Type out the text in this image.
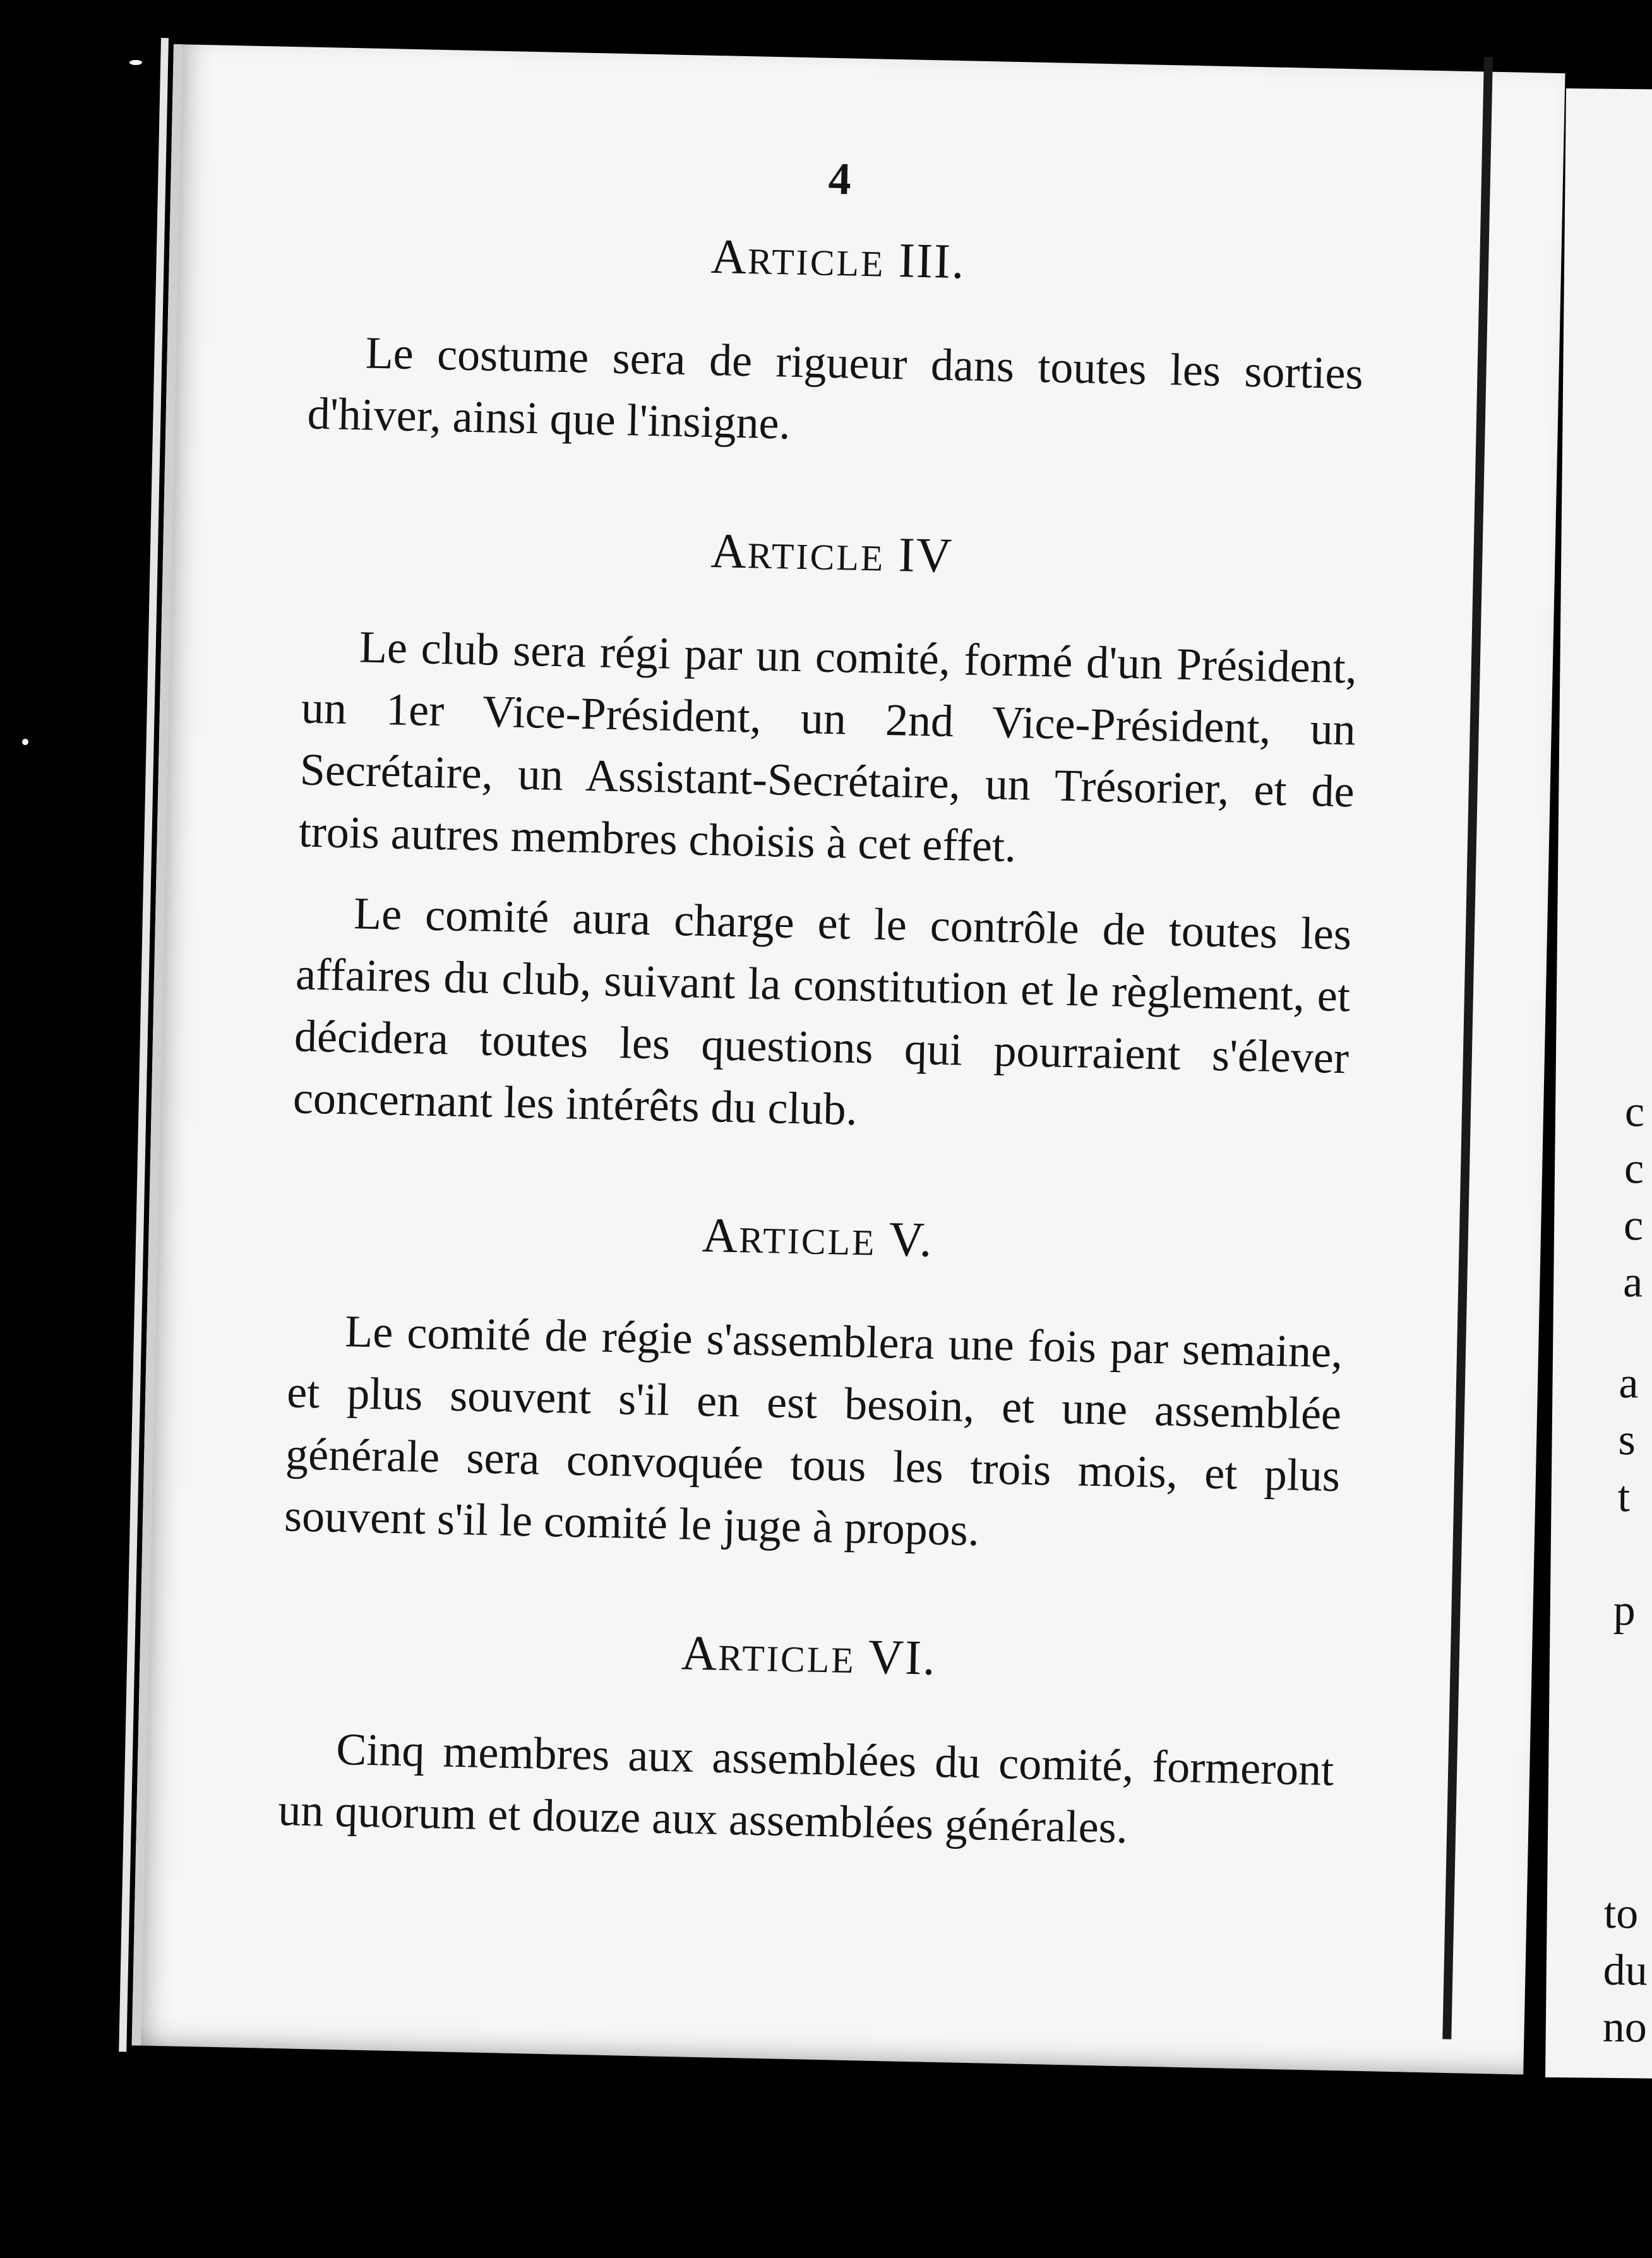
4
ARTICLE III.

Le costume sera de rigueur dans toutes les sorties d'hiver, ainsi que l'insigne.

ARTICLE IV

Le club sera régi par un comité, formé d'un Président, un 1er Vice-Président, un 2nd Vice-Président, un Secrétaire, un Assistant-Secrétaire, un Trésorier, et de trois autres membres choisis à cet effet.

Le comité aura charge et le contrôle de toutes les affaires du club, suivant la constitution et le règlement, et décidera toutes les questions qui pourraient s'élever concernant les intérêts du club.

ARTICLE V.

Le comité de régie s'assemblera une fois par semaine, et plus souvent s'il en est besoin, et une assemblée générale sera convoquée tous les trois mois, et plus souvent s'il le comité le juge à propos.

ARTICLE VI.

Cinq membres aux assemblées du comité, formeront un quorum et douze aux assemblées générales.

c
c
c
a
a
s
t
p
to
du
no
